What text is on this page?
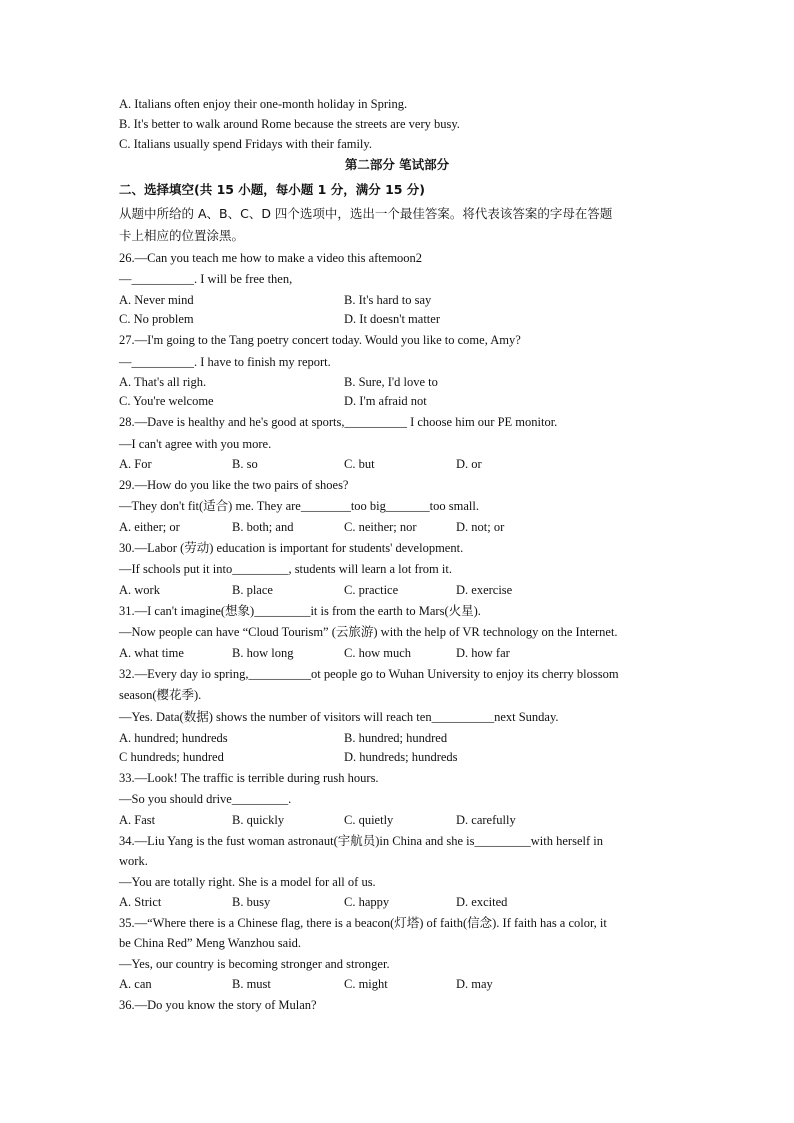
A. Italians often enjoy their one-month holiday in Spring.
B. It's better to walk around Rome because the streets are very busy.
C. Italians usually spend Fridays with their family.
第二部分 笔试部分
二、选择填空(共 15 小题，每小题 1 分，满分 15 分)
从题中所给的 A、B、C、D 四个选项中，选出一个最佳答案。将代表该答案的字母在答题
卡上相应的位置涂黑。
26.—Can you teach me how to make a video this aftemoon2
—__________. I will be free then,
A. Never mind	B. It's hard to say
C. No problem	D. It doesn't matter
27.—I'm going to the Tang poetry concert today. Would you like to come, Amy?
—__________. I have to finish my report.
A. That's all righ.	B. Sure, I'd love to
C. You're welcome	D. I'm afraid not
28.—Dave is healthy and he's good at sports,__________ I choose him our PE monitor.
—I can't agree with you more.
A. For	B. so	C. but	D. or
29.—How do you like the two pairs of shoes?
—They don't fit(适合) me. They are________too big_______too small.
A. either; or	B. both; and	C. neither; nor	D. not; or
30.—Labor (劳动) education is important for students' development.
—If schools put it into_________, students will learn a lot from it.
A. work	B. place	C. practice	D. exercise
31.—I can't imagine(想象)_________it is from the earth to Mars(火星).
—Now people can have “Cloud Tourism” (云旅游) with the help of VR technology on the Internet.
A. what time	B. how long	C. how much	D. how far
32.—Every day io spring,__________ot people go to Wuhan University to enjoy its cherry blossom
season(樱花季).
—Yes. Data(数据) shows the number of visitors will reach ten__________next Sunday.
A. hundred; hundreds	B. hundred; hundred
C hundreds; hundred	D. hundreds; hundreds
33.—Look! The traffic is terrible during rush hours.
—So you should drive_________.
A. Fast	B. quickly	C. quietly	D. carefully
34.—Liu Yang is the fust woman astronaut(宇航员)in China and she is_________with herself in
work.
—You are totally right. She is a model for all of us.
A. Strict	B. busy	C. happy	D. excited
35.—“Where there is a Chinese flag, there is a beacon(灯塔) of faith(信念). If faith has a color, it
be China Red” Meng Wanzhou said.
—Yes, our country is becoming stronger and stronger.
A. can	B. must	C. might	D. may
36.—Do you know the story of Mulan?
